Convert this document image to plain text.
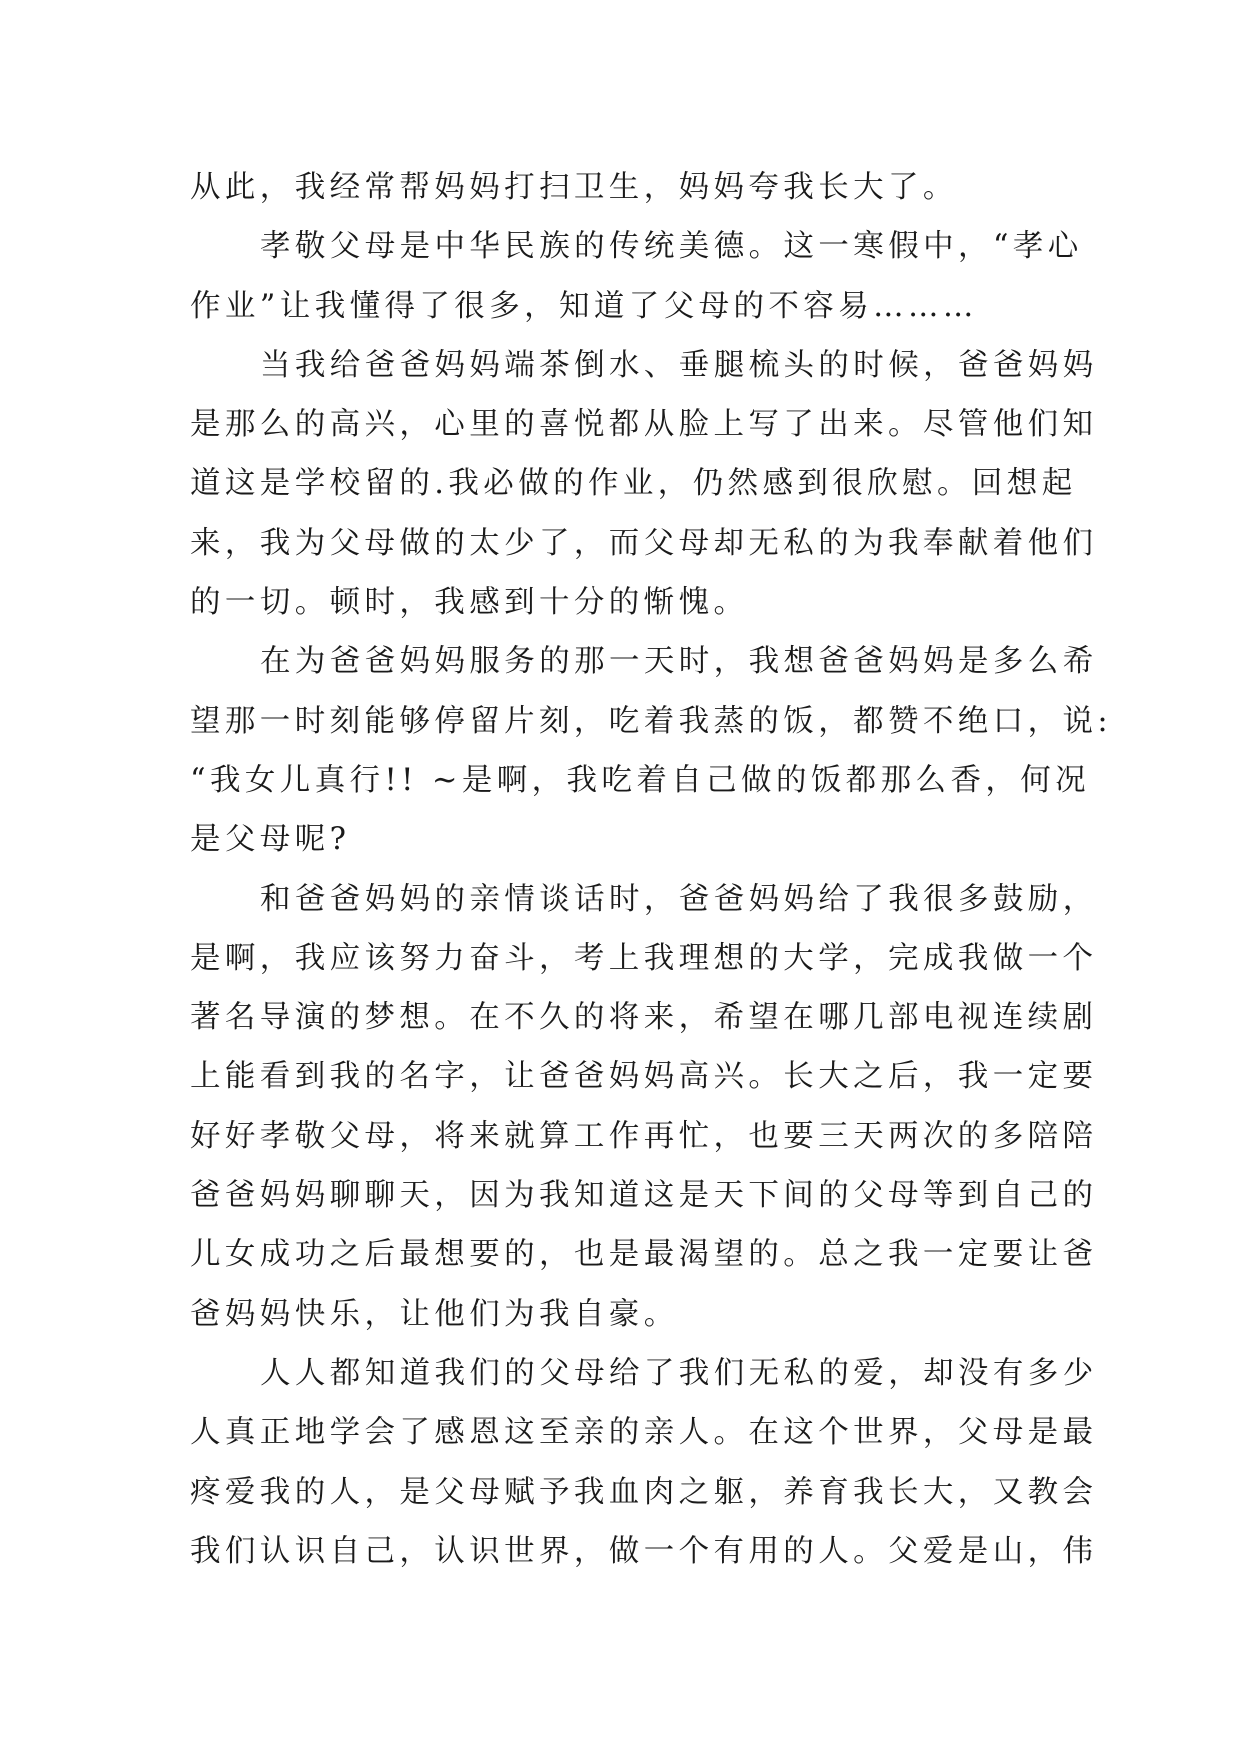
从此，我经常帮妈妈打扫卫生，妈妈夸我长大了。
孝敬父母是中华民族的传统美德。这一寒假中，“孝心
作业”让我懂得了很多，知道了父母的不容易………
当我给爸爸妈妈端茶倒水、垂腿梳头的时候，爸爸妈妈
是那么的高兴，心里的喜悦都从脸上写了出来。尽管他们知
道这是学校留的.我必做的作业，仍然感到很欣慰。回想起
来，我为父母做的太少了，而父母却无私的为我奉献着他们
的一切。顿时，我感到十分的惭愧。
在为爸爸妈妈服务的那一天时，我想爸爸妈妈是多么希
望那一时刻能够停留片刻，吃着我蒸的饭，都赞不绝口，说:
“我女儿真行!! ~是啊，我吃着自己做的饭都那么香，何况
是父母呢?
和爸爸妈妈的亲情谈话时，爸爸妈妈给了我很多鼓励，
是啊，我应该努力奋斗，考上我理想的大学，完成我做一个
著名导演的梦想。在不久的将来，希望在哪几部电视连续剧
上能看到我的名字，让爸爸妈妈高兴。长大之后，我一定要
好好孝敬父母，将来就算工作再忙，也要三天两次的多陪陪
爸爸妈妈聊聊天，因为我知道这是天下间的父母等到自己的
儿女成功之后最想要的，也是最渴望的。总之我一定要让爸
爸妈妈快乐，让他们为我自豪。
人人都知道我们的父母给了我们无私的爱，却没有多少
人真正地学会了感恩这至亲的亲人。在这个世界，父母是最
疼爱我的人，是父母赋予我血肉之躯，养育我长大，又教会
我们认识自己，认识世界，做一个有用的人。父爱是山，伟
